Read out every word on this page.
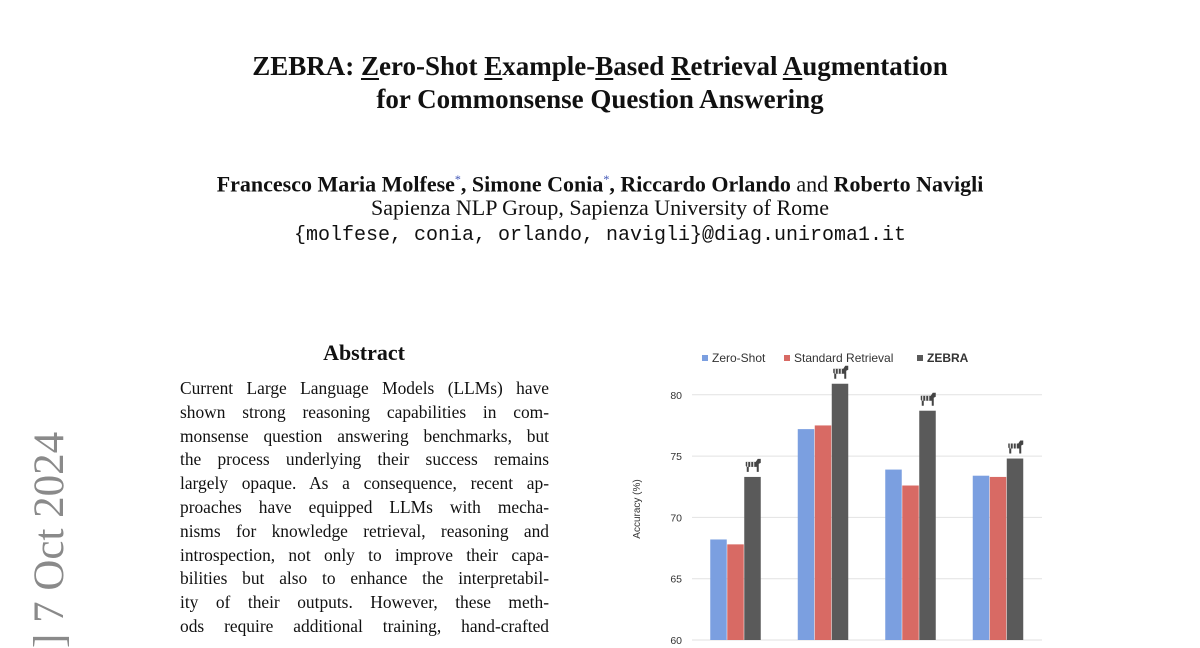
ZEBRA: Zero-Shot Example-Based Retrieval Augmentation
for Commonsense Question Answering
Francesco Maria Molfese*, Simone Conia*, Riccardo Orlando and Roberto Navigli
Sapienza NLP Group, Sapienza University of Rome
{molfese, conia, orlando, navigli}@diag.uniroma1.it
] 7 Oct 2024
Abstract
Current Large Language Models (LLMs) have
shown strong reasoning capabilities in com-
monsense question answering benchmarks, but
the process underlying their success remains
largely opaque. As a consequence, recent ap-
proaches have equipped LLMs with mecha-
nisms for knowledge retrieval, reasoning and
introspection, not only to improve their capa-
bilities but also to enhance the interpretabil-
ity of their outputs. However, these meth-
ods require additional training, hand-crafted
Zero-Shot Standard Retrieval	ZEBRA
60
65
70
75
80
Accuracy (%)
